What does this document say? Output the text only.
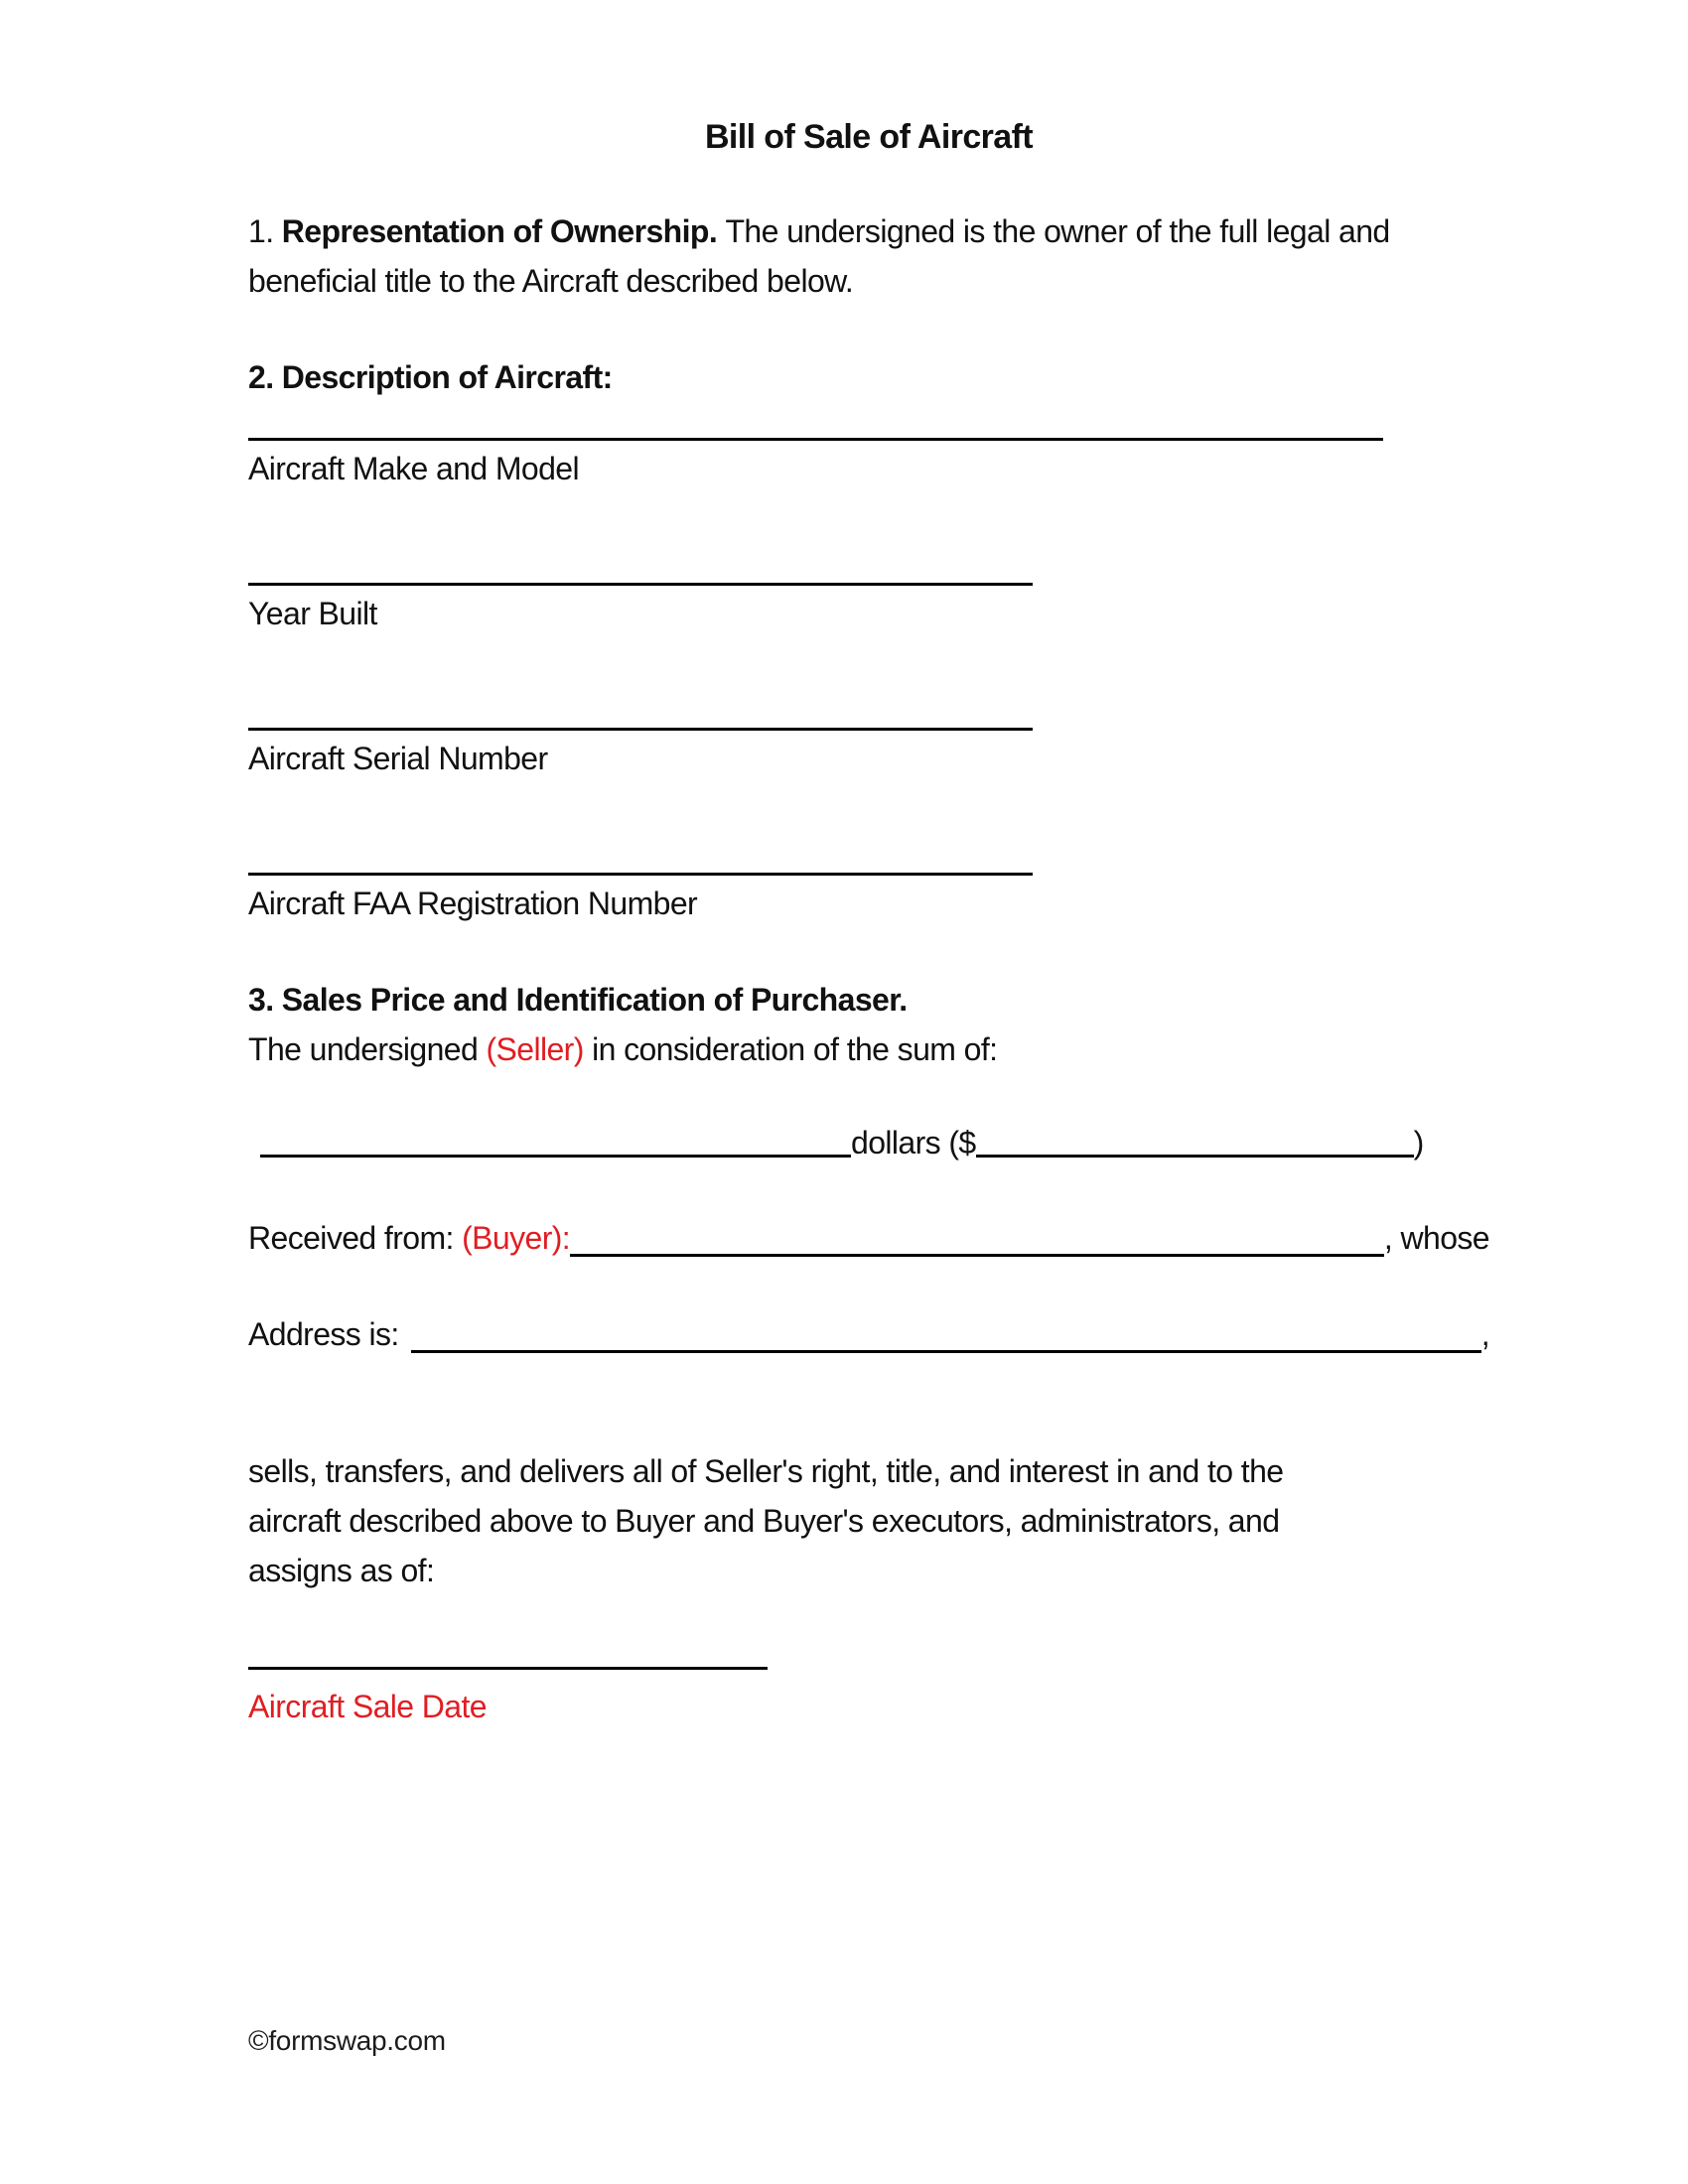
Bill of Sale of Aircraft
1. Representation of Ownership. The undersigned is the owner of the full legal and beneficial title to the Aircraft described below.
2. Description of Aircraft:
Aircraft Make and Model
Year Built
Aircraft Serial Number
Aircraft FAA Registration Number
3. Sales Price and Identification of Purchaser.
The undersigned (Seller) in consideration of the sum of:
dollars ($	)
Received from: (Buyer):	, whose
Address is:	,
sells, transfers, and delivers all of Seller's right, title, and interest in and to the
aircraft described above to Buyer and Buyer's executors, administrators, and
assigns as of:
Aircraft Sale Date
©formswap.com
